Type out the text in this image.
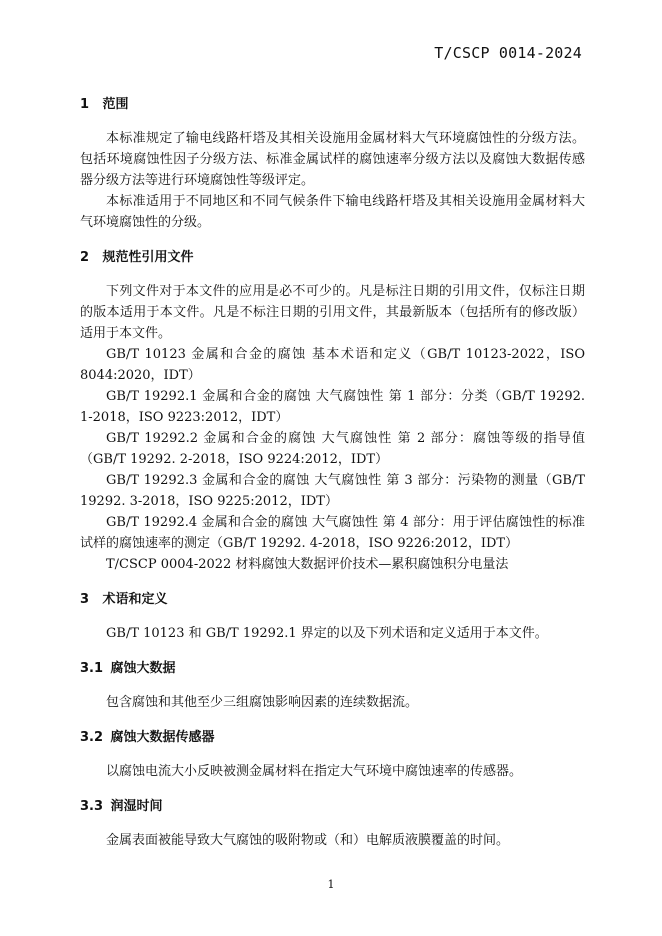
T/CSCP 0014-2024
1 范围

本标准规定了输电线路杆塔及其相关设施用金属材料大气环境腐蚀性的分级方法。包括环境腐蚀性因子分级方法、标准金属试样的腐蚀速率分级方法以及腐蚀大数据传感器分级方法等进行环境腐蚀性等级评定。

本标准适用于不同地区和不同气候条件下输电线路杆塔及其相关设施用金属材料大气环境腐蚀性的分级。

2 规范性引用文件

下列文件对于本文件的应用是必不可少的。凡是标注日期的引用文件，仅标注日期的版本适用于本文件。凡是不标注日期的引用文件，其最新版本（包括所有的修改版）适用于本文件。

GB/T 10123 金属和合金的腐蚀 基本术语和定义（GB/T 10123-2022，ISO 8044:2020，IDT）

GB/T 19292.1 金属和合金的腐蚀 大气腐蚀性 第 1 部分：分类（GB/T 19292. 1-2018，ISO 9223:2012，IDT）

GB/T 19292.2 金属和合金的腐蚀 大气腐蚀性 第 2 部分：腐蚀等级的指导值（GB/T 19292. 2-2018，ISO 9224:2012，IDT）

GB/T 19292.3 金属和合金的腐蚀 大气腐蚀性 第 3 部分：污染物的测量（GB/T 19292. 3-2018，ISO 9225:2012，IDT）

GB/T 19292.4 金属和合金的腐蚀 大气腐蚀性 第 4 部分：用于评估腐蚀性的标准试样的腐蚀速率的测定（GB/T 19292. 4-2018，ISO 9226:2012，IDT）

T/CSCP 0004-2022 材料腐蚀大数据评价技术—累积腐蚀积分电量法

3 术语和定义

GB/T 10123 和 GB/T 19292.1 界定的以及下列术语和定义适用于本文件。

3.1 腐蚀大数据

包含腐蚀和其他至少三组腐蚀影响因素的连续数据流。

3.2 腐蚀大数据传感器

以腐蚀电流大小反映被测金属材料在指定大气环境中腐蚀速率的传感器。

3.3 润湿时间

金属表面被能导致大气腐蚀的吸附物或（和）电解质液膜覆盖的时间。

1
